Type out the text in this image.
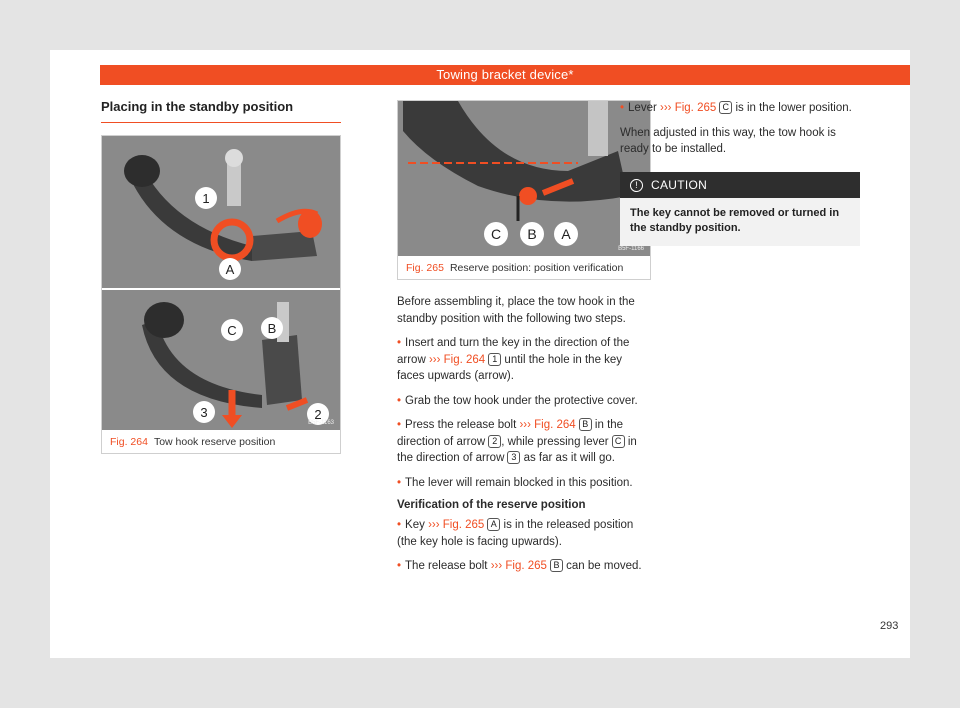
Towing bracket device*
Placing in the standby position
1
A
C B
3	2
B5F-1163
Fig. 264 Tow hook reserve position
C B A
B5F-1166
Fig. 265 Reserve position: position verification

Before assembling it, place the tow hook in the standby position with the following two steps.

• Insert and turn the key in the direction of the arrow ››› Fig. 264 1 until the hole in the key faces upwards (arrow).

• Grab the tow hook under the protective cover.

• Press the release bolt ››› Fig. 264 B in the direction of arrow 2 , while pressing lever C in the direction of arrow 3 as far as it will go.

• The lever will remain blocked in this position.

Verification of the reserve position

• Key ››› Fig. 265 A is in the released position (the key hole is facing upwards).

• The release bolt ››› Fig. 265 B can be moved.

• Lever ››› Fig. 265 C is in the lower position.

When adjusted in this way, the tow hook is ready to be installed.

! CAUTION
The key cannot be removed or turned in the standby position.
293
